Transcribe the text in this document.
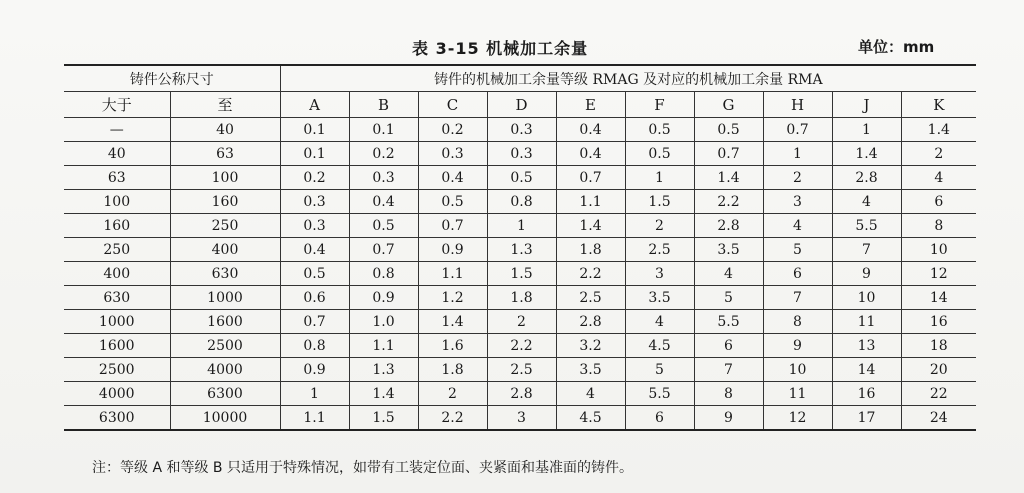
表 3-15 机械加工余量	单位：mm
铸件公称尺寸		铸件的机械加工余量等级 RMAG 及对应的机械加工余量 RMA									
大于	至	A	B	C	D	E	F	G	H	J	K
—	40	0.1	0.1	0.2	0.3	0.4	0.5	0.5	0.7	1	1.4
40	63	0.1	0.2	0.3	0.3	0.4	0.5	0.7	1	1.4	2
63	100	0.2	0.3	0.4	0.5	0.7	1	1.4	2	2.8	4
100	160	0.3	0.4	0.5	0.8	1.1	1.5	2.2	3	4	6
160	250	0.3	0.5	0.7	1	1.4	2	2.8	4	5.5	8
250	400	0.4	0.7	0.9	1.3	1.8	2.5	3.5	5	7	10
400	630	0.5	0.8	1.1	1.5	2.2	3	4	6	9	12
630	1000	0.6	0.9	1.2	1.8	2.5	3.5	5	7	10	14
1000	1600	0.7	1.0	1.4	2	2.8	4	5.5	8	11	16
1600	2500	0.8	1.1	1.6	2.2	3.2	4.5	6	9	13	18
2500	4000	0.9	1.3	1.8	2.5	3.5	5	7	10	14	20
4000	6300	1	1.4	2	2.8	4	5.5	8	11	16	22
6300	10000	1.1	1.5	2.2	3	4.5	6	9	12	17	24
注：等级 A 和等级 B 只适用于特殊情况，如带有工装定位面、夹紧面和基准面的铸件。
